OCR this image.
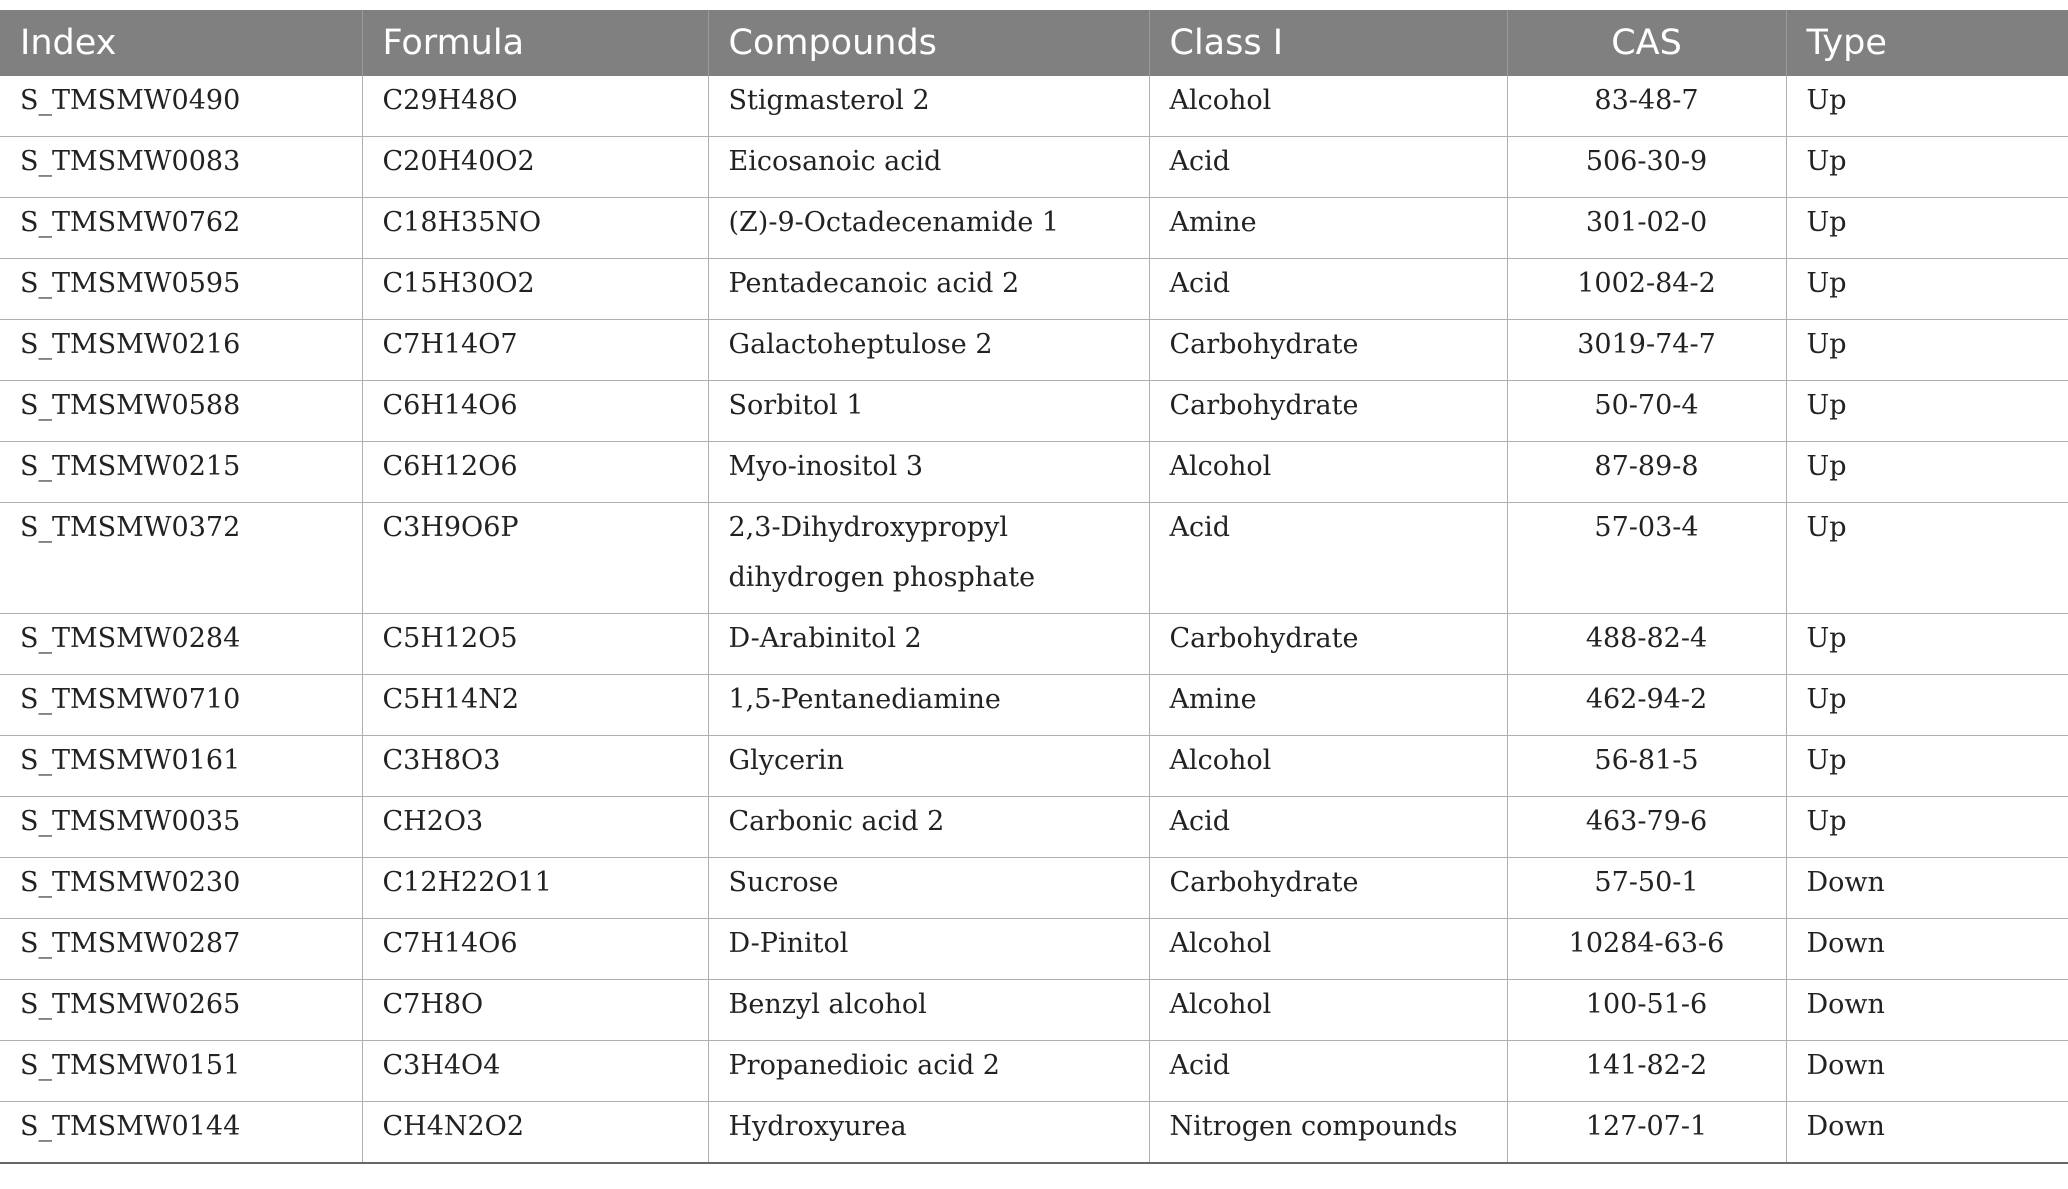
Index	Formula	Compounds	Class I	CAS	Type
S_TMSMW0490	C29H48O	Stigmasterol 2	Alcohol	83-48-7	Up
S_TMSMW0083	C20H40O2	Eicosanoic acid	Acid	506-30-9	Up
S_TMSMW0762	C18H35NO	(Z)-9-Octadecenamide 1	Amine	301-02-0	Up
S_TMSMW0595	C15H30O2	Pentadecanoic acid 2	Acid	1002-84-2	Up
S_TMSMW0216	C7H14O7	Galactoheptulose 2	Carbohydrate	3019-74-7	Up
S_TMSMW0588	C6H14O6	Sorbitol 1	Carbohydrate	50-70-4	Up
S_TMSMW0215	C6H12O6	Myo-inositol 3	Alcohol	87-89-8	Up
S_TMSMW0372	C3H9O6P	2,3-Dihydroxypropyl dihydrogen phosphate	Acid	57-03-4	Up
S_TMSMW0284	C5H12O5	D-Arabinitol 2	Carbohydrate	488-82-4	Up
S_TMSMW0710	C5H14N2	1,5-Pentanediamine	Amine	462-94-2	Up
S_TMSMW0161	C3H8O3	Glycerin	Alcohol	56-81-5	Up
S_TMSMW0035	CH2O3	Carbonic acid 2	Acid	463-79-6	Up
S_TMSMW0230	C12H22O11	Sucrose	Carbohydrate	57-50-1	Down
S_TMSMW0287	C7H14O6	D-Pinitol	Alcohol	10284-63-6	Down
S_TMSMW0265	C7H8O	Benzyl alcohol	Alcohol	100-51-6	Down
S_TMSMW0151	C3H4O4	Propanedioic acid 2	Acid	141-82-2	Down
S_TMSMW0144	CH4N2O2	Hydroxyurea	Nitrogen compounds	127-07-1	Down
